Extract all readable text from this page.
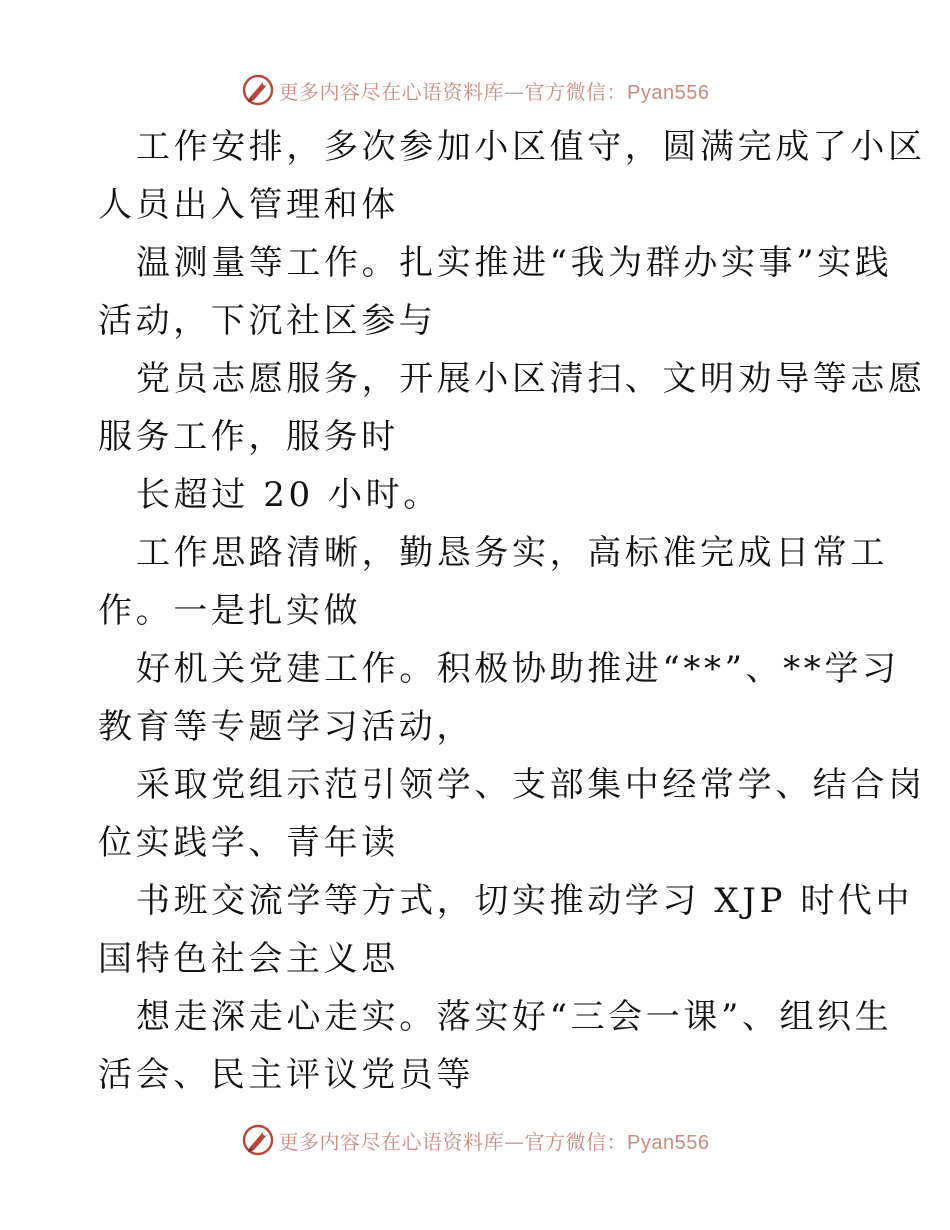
更多内容尽在心语资料库—官方微信：Pyan556
工作安排，多次参加小区值守，圆满完成了小区
人员出入管理和体
温测量等工作。扎实推进“我为群办实事”实践
活动，下沉社区参与
党员志愿服务，开展小区清扫、文明劝导等志愿
服务工作，服务时
长超过 20 小时。
工作思路清晰，勤恳务实，高标准完成日常工
作。一是扎实做
好机关党建工作。积极协助推进“**”、**学习
教育等专题学习活动，
采取党组示范引领学、支部集中经常学、结合岗
位实践学、青年读
书班交流学等方式，切实推动学习 XJP 时代中
国特色社会主义思
想走深走心走实。落实好“三会一课”、组织生
活会、民主评议党员等
更多内容尽在心语资料库—官方微信：Pyan556
